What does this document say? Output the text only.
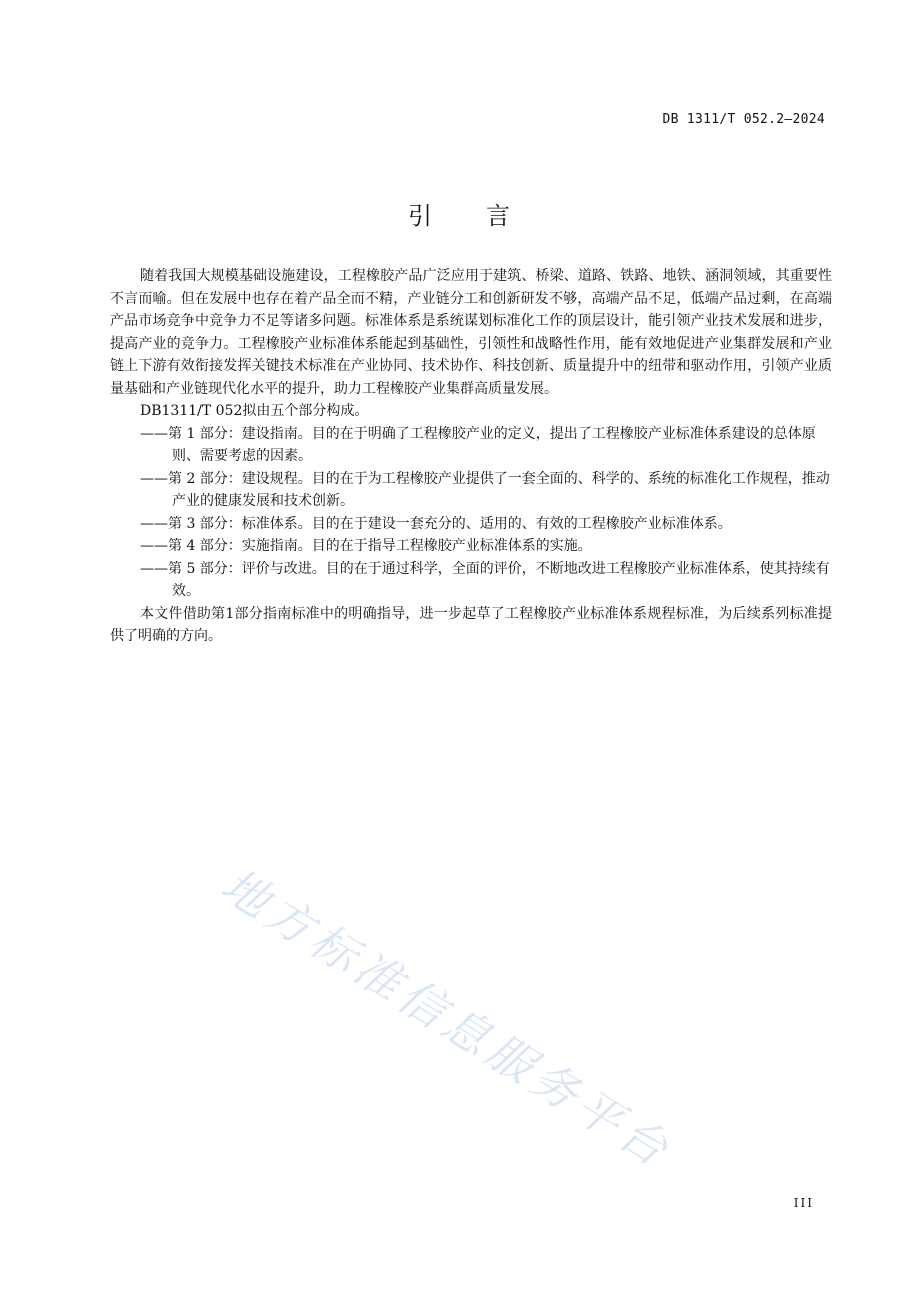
DB 1311/T 052.2—2024
引　　言

随着我国大规模基础设施建设，工程橡胶产品广泛应用于建筑、桥梁、道路、铁路、地铁、涵洞领域，其重要性不言而喻。但在发展中也存在着产品全而不精，产业链分工和创新研发不够，高端产品不足，低端产品过剩，在高端产品市场竞争中竞争力不足等诸多问题。标准体系是系统谋划标准化工作的顶层设计，能引领产业技术发展和进步，提高产业的竞争力。工程橡胶产业标准体系能起到基础性，引领性和战略性作用，能有效地促进产业集群发展和产业链上下游有效衔接发挥关键技术标准在产业协同、技术协作、科技创新、质量提升中的纽带和驱动作用，引领产业质量基础和产业链现代化水平的提升，助力工程橡胶产业集群高质量发展。

DB1311/T 052拟由五个部分构成。

——第 1 部分：建设指南。目的在于明确了工程橡胶产业的定义，提出了工程橡胶产业标准体系建设的总体原则、需要考虑的因素。

——第 2 部分：建设规程。目的在于为工程橡胶产业提供了一套全面的、科学的、系统的标准化工作规程，推动产业的健康发展和技术创新。

——第 3 部分：标准体系。目的在于建设一套充分的、适用的、有效的工程橡胶产业标准体系。

——第 4 部分：实施指南。目的在于指导工程橡胶产业标准体系的实施。

——第 5 部分：评价与改进。目的在于通过科学，全面的评价，不断地改进工程橡胶产业标准体系，使其持续有效。

本文件借助第1部分指南标准中的明确指导，进一步起草了工程橡胶产业标准体系规程标准，为后续系列标准提供了明确的方向。

地方标准信息服务平台
III
